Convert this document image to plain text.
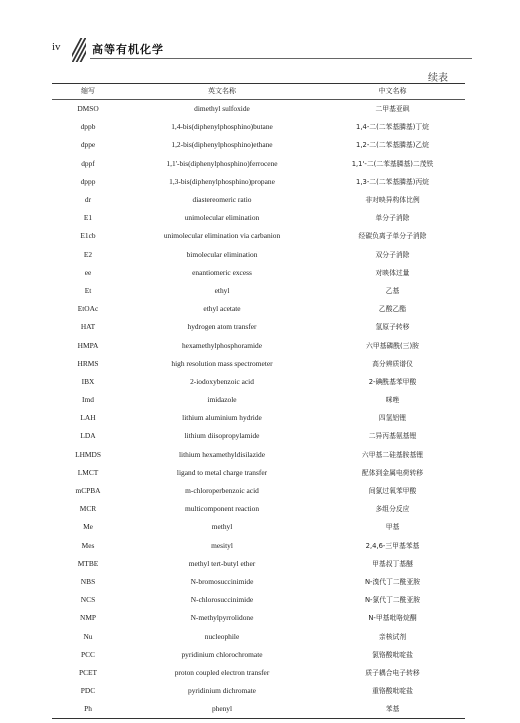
iv	高等有机化学
续表
缩写	英文名称	中文名称
DMSO	dimethyl sulfoxide	二甲基亚砜
dppb	1,4-bis(diphenylphosphino)butane	1,4-二(二苯基膦基)丁烷
dppe	1,2-bis(diphenylphosphino)ethane	1,2-二(二苯基膦基)乙烷
dppf	1,1'-bis(diphenylphosphino)ferrocene	1,1'-二(二苯基膦基)二茂铁
dppp	1,3-bis(diphenylphosphino)propane	1,3-二(二苯基膦基)丙烷
dr	diastereomeric ratio	非对映异构体比例
E1	unimolecular elimination	单分子消除
E1cb	unimolecular elimination via carbanion	经碳负离子单分子消除
E2	bimolecular elimination	双分子消除
ee	enantiomeric excess	对映体过量
Et	ethyl	乙基
EtOAc	ethyl acetate	乙酸乙酯
HAT	hydrogen atom transfer	氢原子转移
HMPA	hexamethylphosphoramide	六甲基磷酰(三)胺
HRMS	high resolution mass spectrometer	高分辨质谱仪
IBX	2-iodoxybenzoic acid	2-碘酰基苯甲酸
Imd	imidazole	咪唑
LAH	lithium aluminium hydride	四氢铝锂
LDA	lithium diisopropylamide	二异丙基氨基锂
LHMDS	lithium hexamethyldisilazide	六甲基二硅基胺基锂
LMCT	ligand to metal charge transfer	配体到金属电荷转移
mCPBA	m-chloroperbenzoic acid	间氯过氧苯甲酸
MCR	multicomponent reaction	多组分反应
Me	methyl	甲基
Mes	mesityl	2,4,6-三甲基苯基
MTBE	methyl tert-butyl ether	甲基叔丁基醚
NBS	N-bromosuccinimide	N-溴代丁二酰亚胺
NCS	N-chlorosuccinimide	N-氯代丁二酰亚胺
NMP	N-methylpyrrolidone	N-甲基吡咯烷酮
Nu	nucleophile	亲核试剂
PCC	pyridinium chlorochromate	氯铬酸吡啶盐
PCET	proton coupled electron transfer	质子耦合电子转移
PDC	pyridinium dichromate	重铬酸吡啶盐
Ph	phenyl	苯基
